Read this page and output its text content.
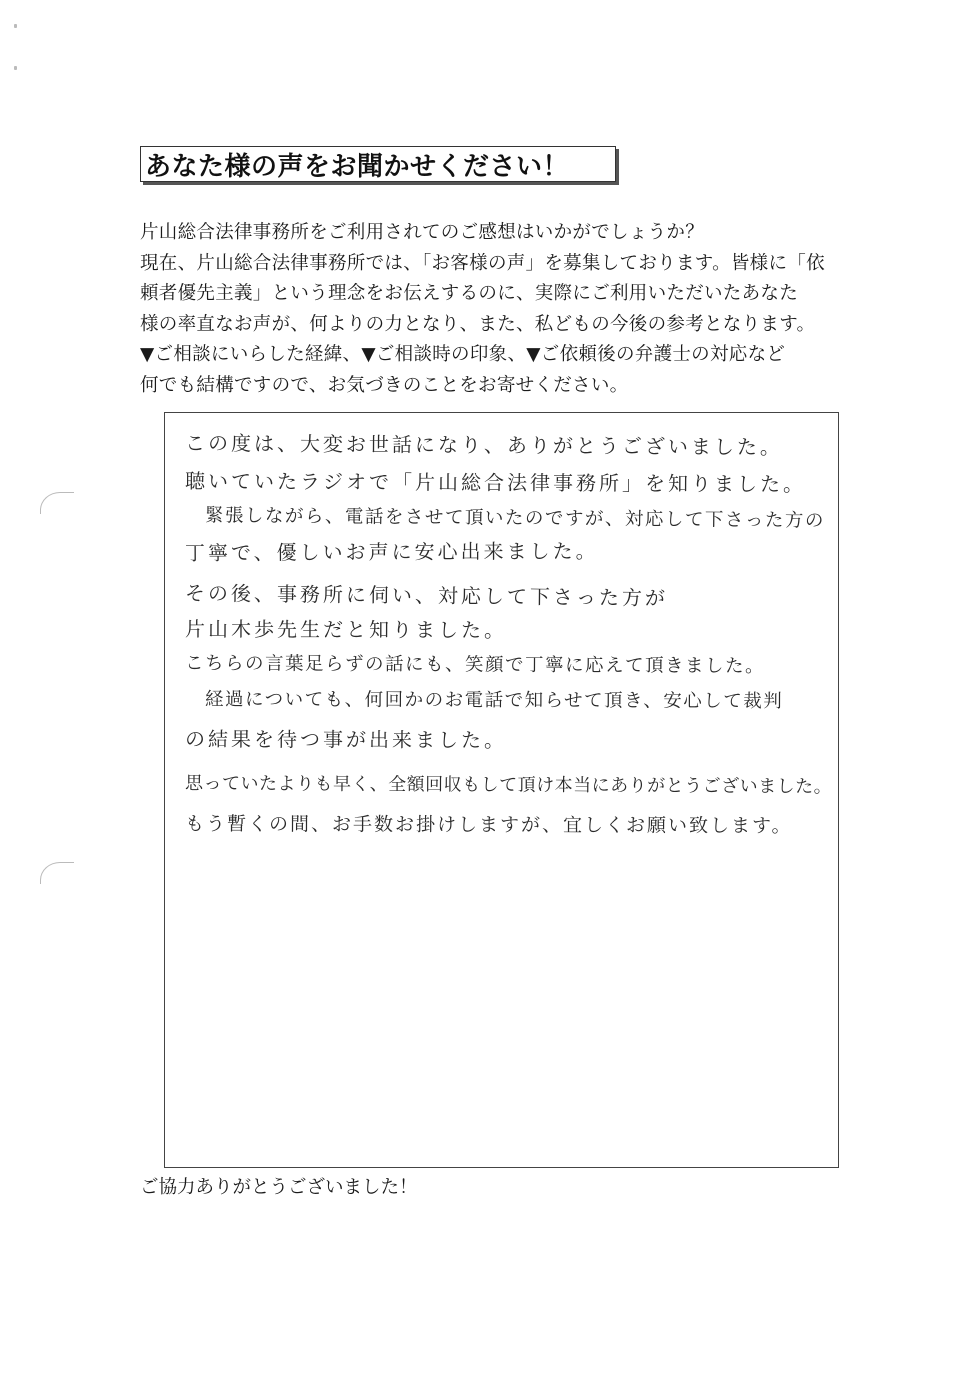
あなた様の声をお聞かせください！
片山総合法律事務所をご利用されてのご感想はいかがでしょうか？
現在、片山総合法律事務所では、「お客様の声」を募集しております。皆様に「依
頼者優先主義」という理念をお伝えするのに、実際にご利用いただいたあなた
様の率直なお声が、何よりの力となり、また、私どもの今後の参考となります。
▼ご相談にいらした経緯、▼ご相談時の印象、▼ご依頼後の弁護士の対応など
何でも結構ですので、お気づきのことをお寄せください。
この度は、大変お世話になり、ありがとうございました。
聴いていたラジオで「片山総合法律事務所」を知りました。
　緊張しながら、電話をさせて頂いたのですが、対応して下さった方の
丁寧で、優しいお声に安心出来ました。
その後、事務所に伺い、対応して下さった方が
片山木歩先生だと知りました。
こちらの言葉足らずの話にも、笑顔で丁寧に応えて頂きました。
　経過についても、何回かのお電話で知らせて頂き、安心して裁判
の結果を待つ事が出来ました。
思っていたよりも早く、全額回収もして頂け本当にありがとうございました。
もう暫くの間、お手数お掛けしますが、宜しくお願い致します。
ご協力ありがとうございました！
